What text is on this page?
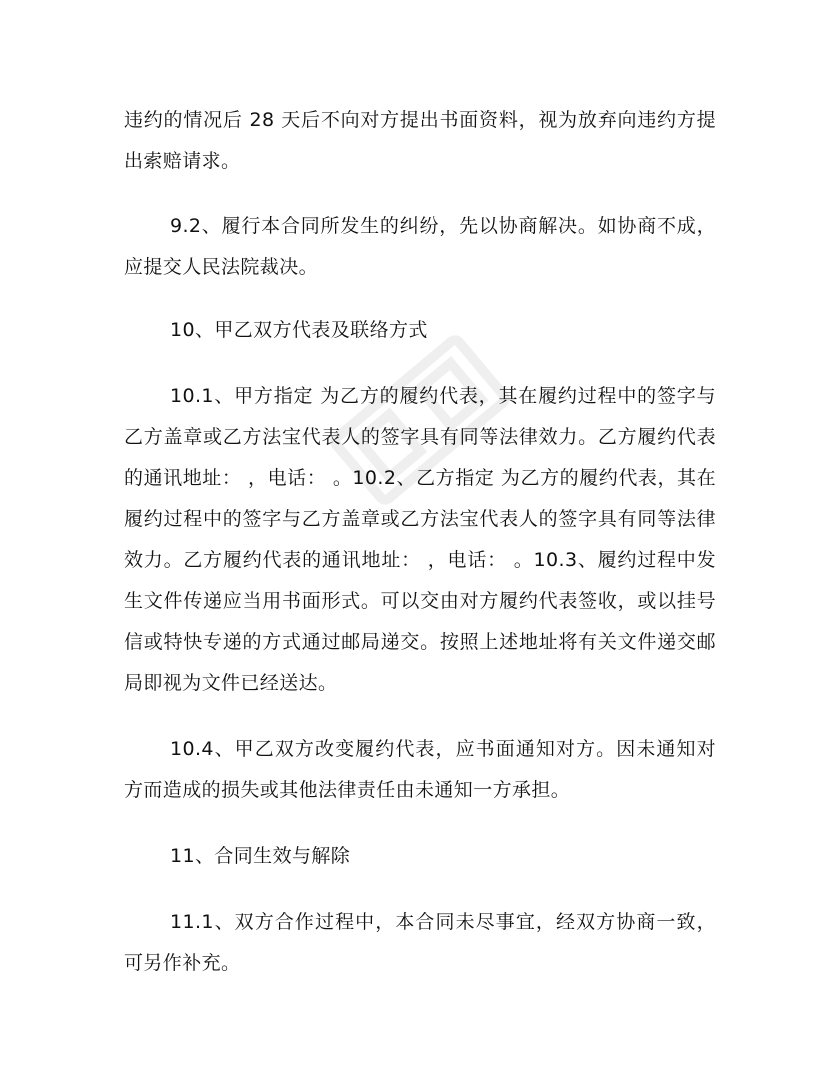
违约的情况后 28 天后不向对方提出书面资料，视为放弃向违约方提出索赔请求。

9.2、履行本合同所发生的纠纷，先以协商解决。如协商不成，应提交人民法院裁决。

10、甲乙双方代表及联络方式

10.1、甲方指定 为乙方的履约代表，其在履约过程中的签字与乙方盖章或乙方法宝代表人的签字具有同等法律效力。乙方履约代表的通讯地址： ，电话： 。10.2、乙方指定 为乙方的履约代表，其在履约过程中的签字与乙方盖章或乙方法宝代表人的签字具有同等法律效力。乙方履约代表的通讯地址： ，电话： 。10.3、履约过程中发生文件传递应当用书面形式。可以交由对方履约代表签收，或以挂号信或特快专递的方式通过邮局递交。按照上述地址将有关文件递交邮局即视为文件已经送达。

10.4、甲乙双方改变履约代表，应书面通知对方。因未通知对方而造成的损失或其他法律责任由未通知一方承担。

11、合同生效与解除

11.1、双方合作过程中，本合同未尽事宜，经双方协商一致，可另作补充。
